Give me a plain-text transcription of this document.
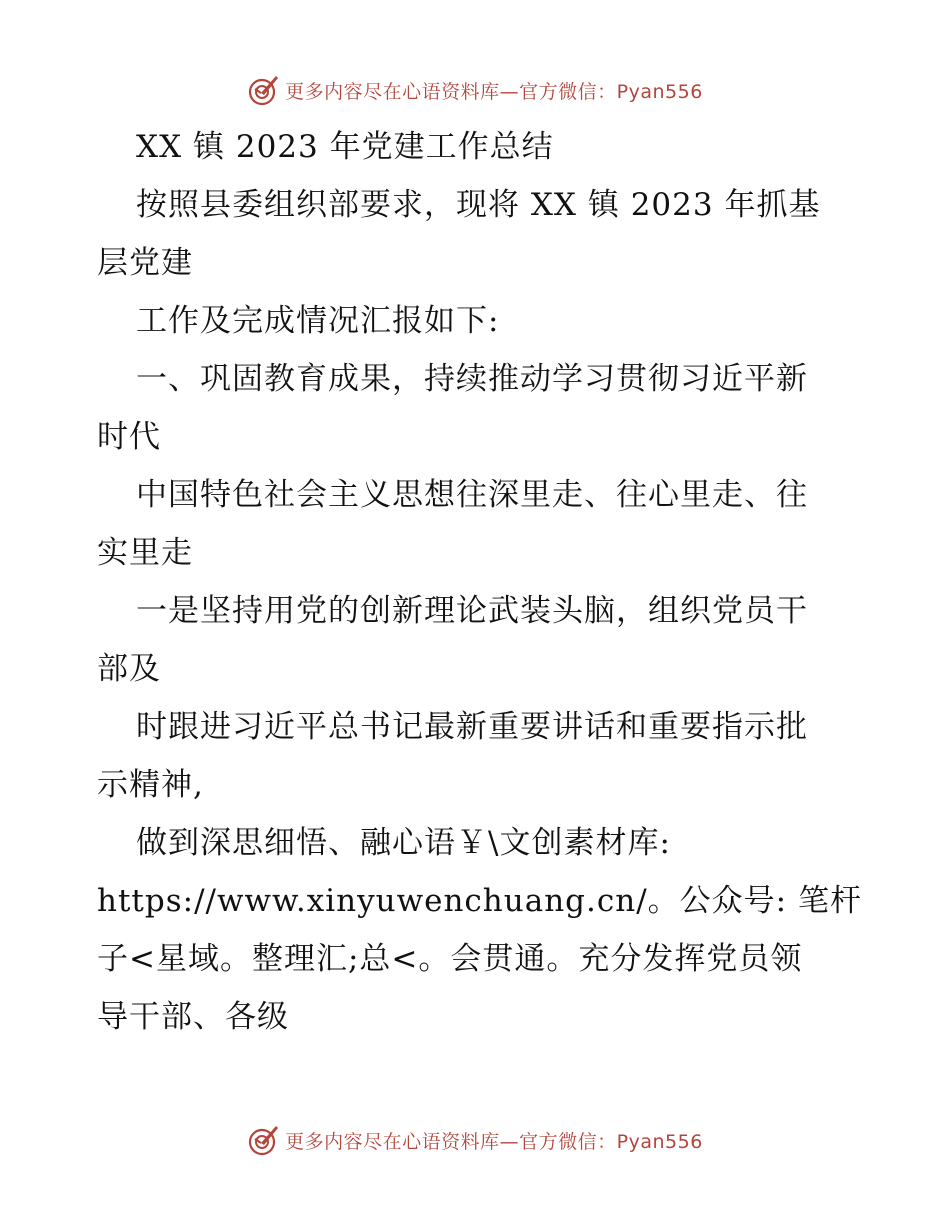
更多内容尽在心语资料库—官方微信：Pyan556
XX 镇 2023 年党建工作总结
按照县委组织部要求，现将 XX 镇 2023 年抓基
层党建
工作及完成情况汇报如下:
一、巩固教育成果，持续推动学习贯彻习近平新
时代
中国特色社会主义思想往深里走、往心里走、往
实里走
一是坚持用党的创新理论武装头脑，组织党员干
部及
时跟进习近平总书记最新重要讲话和重要指示批
示精神,
做到深思细悟、融心语￥\文创素材库:
https://www.xinyuwenchuang.cn/。公众号: 笔杆
子<星域。整理汇;总<。会贯通。充分发挥党员领
导干部、各级
更多内容尽在心语资料库—官方微信：Pyan556
